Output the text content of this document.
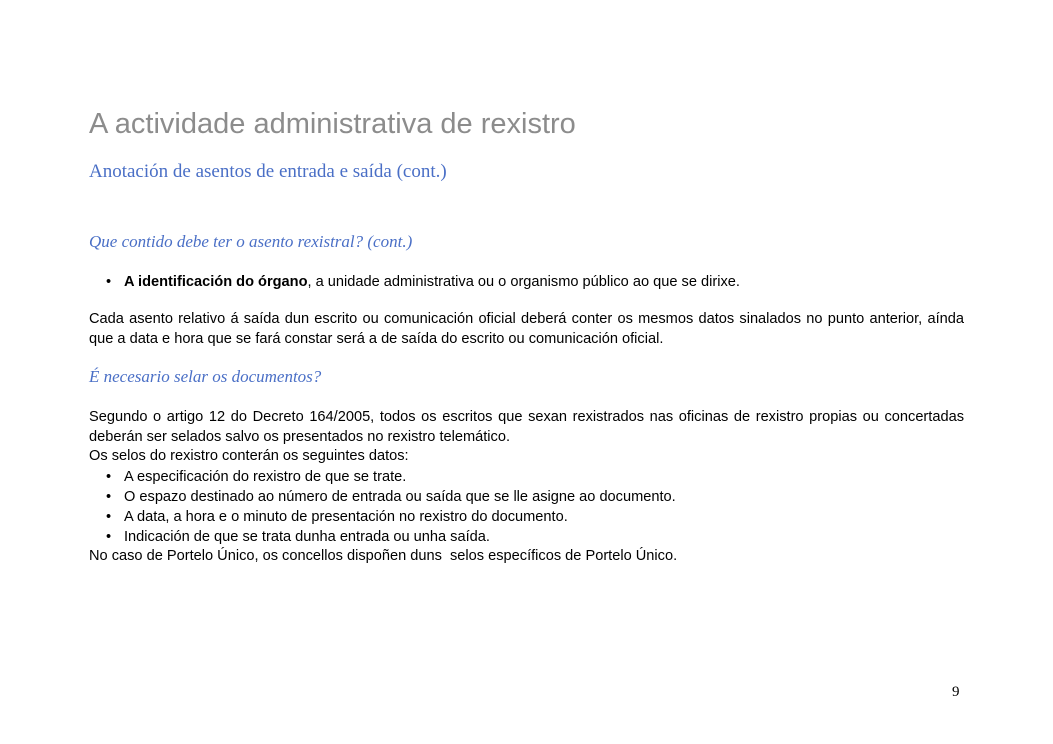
A actividade administrativa de rexistro
Anotación de asentos de entrada e saída (cont.)
Que contido debe ter o asento rexistral? (cont.)
• A identificación do órgano, a unidade administrativa ou o organismo público ao que se dirixe.

Cada asento relativo á saída dun escrito ou comunicación oficial deberá conter os mesmos datos sinalados no punto anterior, aínda que a data e hora que se fará constar será a de saída do escrito ou comunicación oficial.

É necesario selar os documentos?

Segundo o artigo 12 do Decreto 164/2005, todos os escritos que sexan rexistrados nas oficinas de rexistro propias ou concertadas deberán ser selados salvo os presentados no rexistro telemático.

Os selos do rexistro conterán os seguintes datos:

• A especificación do rexistro de que se trate.
• O espazo destinado ao número de entrada ou saída que se lle asigne ao documento.
• A data, a hora e o minuto de presentación no rexistro do documento.
• Indicación de que se trata dunha entrada ou unha saída.

No caso de Portelo Único, os concellos dispoñen duns  selos específicos de Portelo Único.

9
